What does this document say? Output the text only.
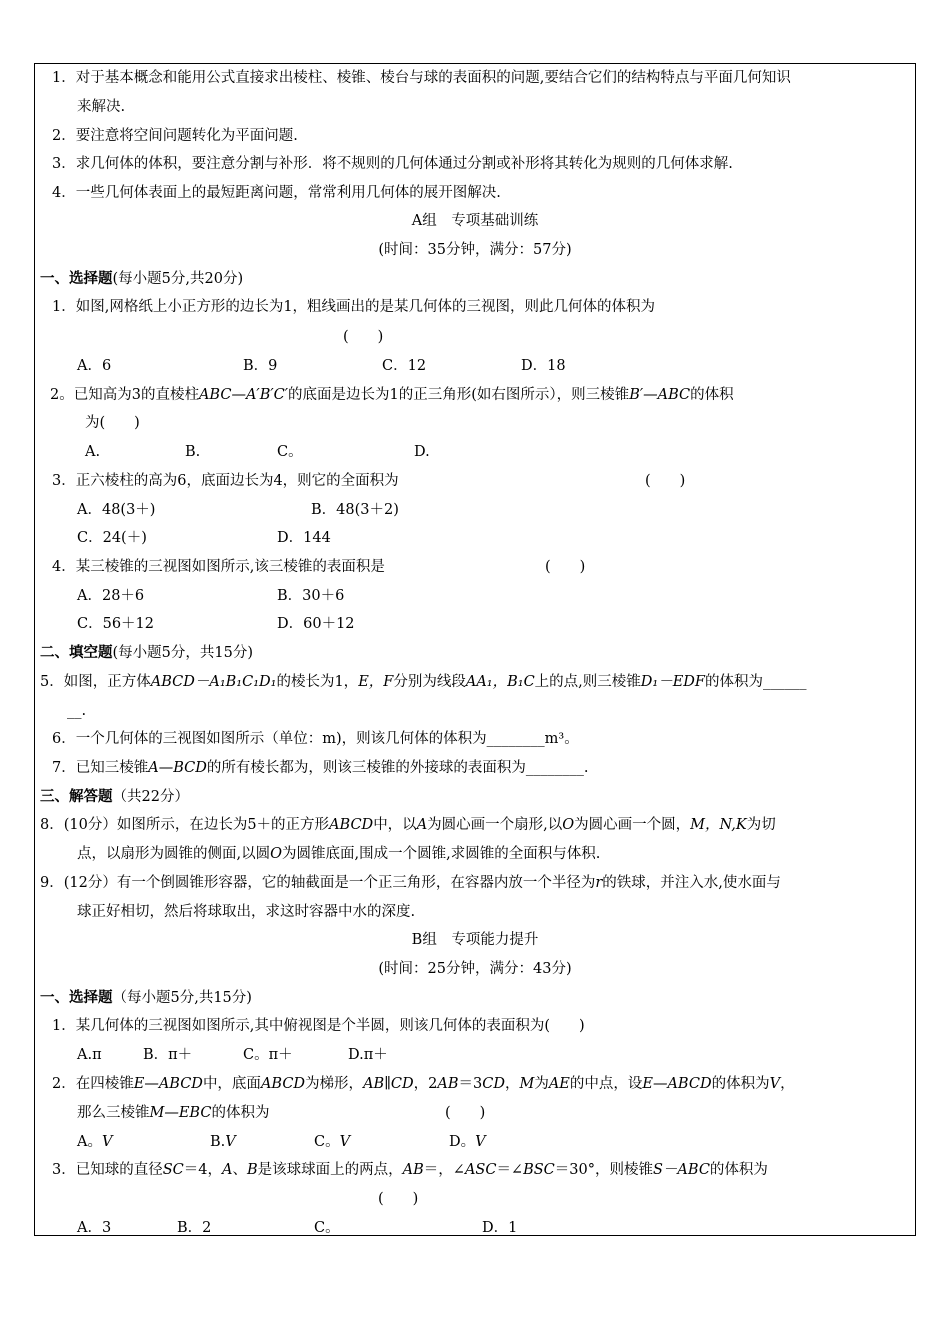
1．对于基本概念和能用公式直接求出棱柱、棱锥、棱台与球的表面积的问题,要结合它们的结构特点与平面几何知识
来解决.
2．要注意将空间问题转化为平面问题.
3．求几何体的体积，要注意分割与补形．将不规则的几何体通过分割或补形将其转化为规则的几何体求解.
4．一些几何体表面上的最短距离问题，常常利用几何体的展开图解决.
A组　专项基础训练
(时间：35分钟，满分：57分)
一、选择题(每小题5分,共20分)
1．如图,网格纸上小正方形的边长为1，粗线画出的是某几何体的三视图，则此几何体的体积为
(　　)
A．6	B．9	C．12	D．18
2。已知高为3的直棱柱ABC—A′B′C′的底面是边长为1的正三角形(如右图所示），则三棱锥B′—ABC的体积
为(　　)
A.	B.	C。	D.
3．正六棱柱的高为6，底面边长为4，则它的全面积为	(　　)
A．48(3＋)	B．48(3＋2)
C．24(＋)	D．144
4．某三棱锥的三视图如图所示,该三棱锥的表面积是	(　　)
A．28＋6	B．30＋6
C．56＋12	D．60＋12
二、填空题(每小题5分，共15分)
5．如图，正方体ABCD－A₁B₁C₁D₁的棱长为1，E，F分别为线段AA₁，B₁C上的点,则三棱锥D₁－EDF的体积为______
__.
6．一个几何体的三视图如图所示（单位：m)，则该几何体的体积为________m³。
7．已知三棱锥A—BCD的所有棱长都为，则该三棱锥的外接球的表面积为________.
三、解答题（共22分）
8．(10分）如图所示，在边长为5＋的正方形ABCD中，以A为圆心画一个扇形,以O为圆心画一个圆，M，N,K为切
点，以扇形为圆锥的侧面,以圆O为圆锥底面,围成一个圆锥,求圆锥的全面积与体积.
9．(12分）有一个倒圆锥形容器，它的轴截面是一个正三角形，在容器内放一个半径为r的铁球，并注入水,使水面与
球正好相切，然后将球取出，求这时容器中水的深度.
B组　专项能力提升
(时间：25分钟，满分：43分)
一、选择题（每小题5分,共15分)
1．某几何体的三视图如图所示,其中俯视图是个半圆，则该几何体的表面积为(　　)
A.π	B．π＋	C。π＋	D.π＋
2．在四棱锥E—ABCD中，底面ABCD为梯形，AB∥CD，2AB＝3CD，M为AE的中点，设E—ABCD的体积为V，
那么三棱锥M—EBC的体积为	(　　)
A。V	B.V	C。V	D。V
3．已知球的直径SC＝4，A、B是该球球面上的两点，AB＝，∠ASC＝∠BSC＝30°，则棱锥S－ABC的体积为
(　　)
A．3	B．2	C。	D．1
